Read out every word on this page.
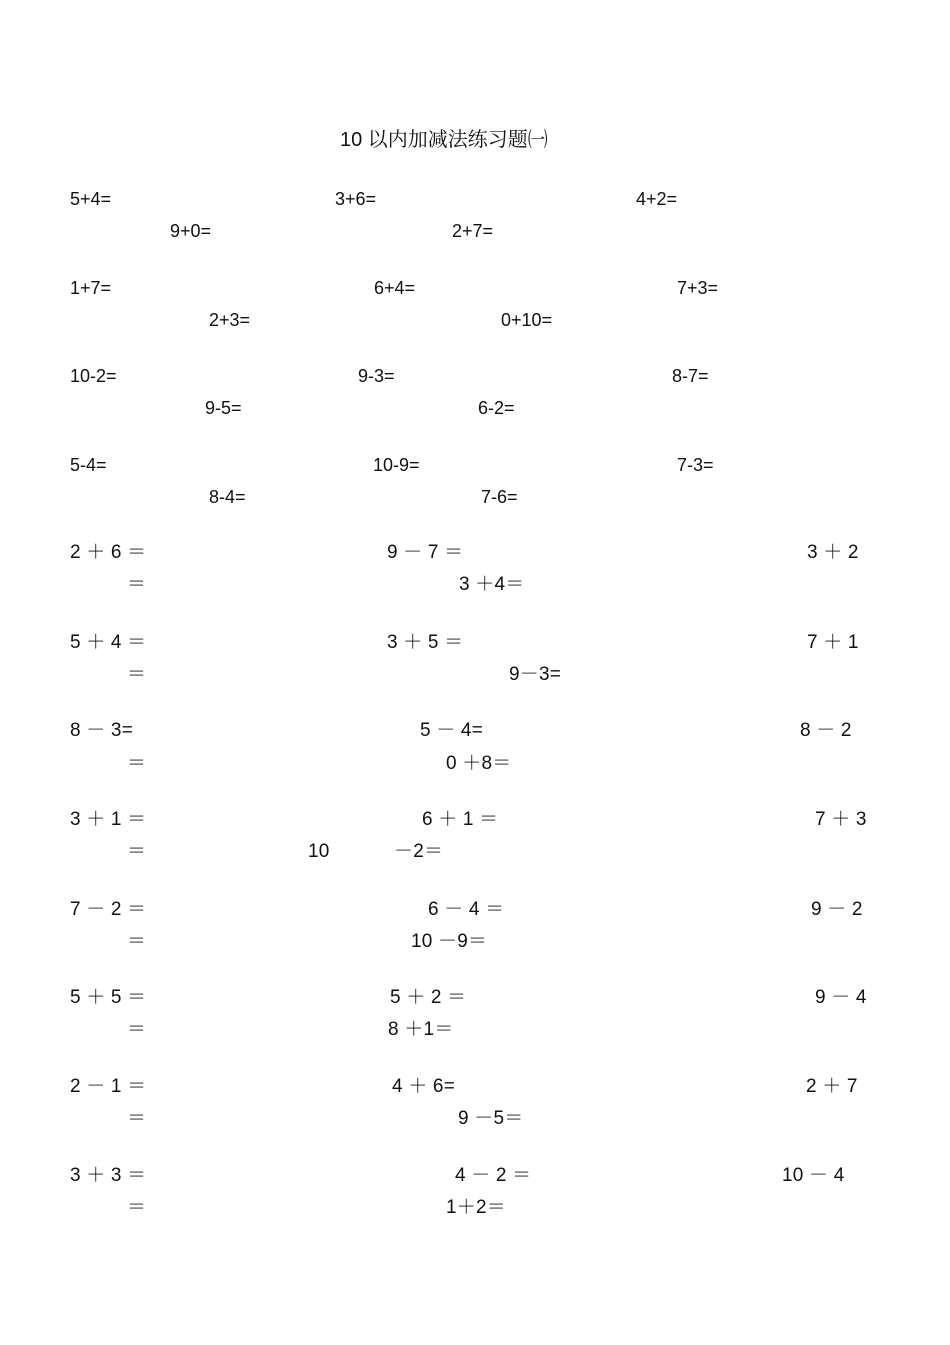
10 以内加减法练习题㈠
5+4=	3+6=	4+2=
9+0=	2+7=
1+7=	6+4=	7+3=
2+3=	0+10=
10-2=	9-3=	8-7=
9-5=	6-2=
5-4=	10-9=	7-3=
8-4=	7-6=
2 ＋ 6 ＝	9 － 7 ＝	3 ＋ 2
＝	3 ＋4＝
5 ＋ 4 ＝	3 ＋ 5 ＝	7 ＋ 1
＝	9－3=
8 － 3=	5 － 4=	8 － 2
＝	0 ＋8＝
3 ＋ 1 ＝	6 ＋ 1 ＝	7 ＋ 3
＝	10	－2＝
7 － 2 ＝	6 － 4 ＝	9 － 2
＝	10 －9＝
5 ＋ 5 ＝	5 ＋ 2 ＝	9 － 4
＝	8 ＋1＝
2 － 1 ＝	4 ＋ 6=	2 ＋ 7
＝	9 －5＝
3 ＋ 3 ＝	4 － 2 ＝	10 － 4
＝	1＋2＝
